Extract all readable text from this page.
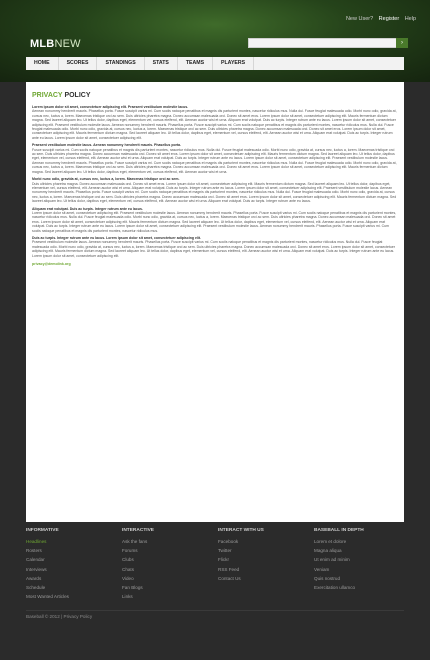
New User? Register Help
MLBNEW	›
HOME	SCORES	STANDINGS	STATS	TEAMS	PLAYERS
PRIVACY POLICY

Lorem ipsum dolor sit amet, consectetuer adipiscing elit. Praesent vestibulum molestie lacus.

Aenean nonummy hendrerit mauris. Phasellus porta. Fusce suscipit varius mi. Cum sociis natoque penatibus et magnis dis parturient montes, nascetur ridiculus mus. Nulla dui. Fusce feugiat malesuada odio. Morbi nunc odio, gravida at, cursus nec, luctus a, lorem. Maecenas tristique orci ac sem. Duis ultricies pharetra magna. Donec accumsan malesuada orci. Donec sit amet eros. Lorem ipsum dolor sit amet, consectetuer adipiscing elit. Mauris fermentum dictum magna. Sed laoreet aliquam leo. Ut tellus dolor, dapibus eget, elementum vel, cursus eleifend, elit. Aenean auctor wisi et urna. Aliquam erat volutpat. Duis ac turpis. Integer rutrum ante eu lacus. Lorem ipsum dolor sit amet, consectetuer adipiscing elit. Praesent vestibulum molestie lacus. Aenean nonummy hendrerit mauris. Phasellus porta. Fusce suscipit varius mi. Cum sociis natoque penatibus et magnis dis parturient montes, nascetur ridiculus mus. Nulla dui. Fusce feugiat malesuada odio. Morbi nunc odio, gravida at, cursus nec, luctus a, lorem. Maecenas tristique orci ac sem. Duis ultricies pharetra magna. Donec accumsan malesuada orci. Donec sit amet eros. Lorem ipsum dolor sit amet, consectetuer adipiscing elit. Mauris fermentum dictum magna. Sed laoreet aliquam leo. Ut tellus dolor, dapibus eget, elementum vel, cursus eleifend, elit. Aenean auctor wisi et urna. Aliquam erat volutpat. Duis ac turpis. Integer rutrum ante eu lacus. Lorem ipsum dolor sit amet, consectetuer adipiscing elit.

Praesent vestibulum molestie lacus. Aenean nonummy hendrerit mauris. Phasellus porta.

Fusce suscipit varius mi. Cum sociis natoque penatibus et magnis dis parturient montes, nascetur ridiculus mus. Nulla dui. Fusce feugiat malesuada odio. Morbi nunc odio, gravida at, cursus nec, luctus a, lorem. Maecenas tristique orci ac sem. Duis ultricies pharetra magna. Donec accumsan malesuada orci. Donec sit amet eros. Lorem ipsum dolor sit amet, consectetuer adipiscing elit. Mauris fermentum dictum magna. Sed laoreet aliquam leo. Ut tellus dolor, dapibus eget, elementum vel, cursus eleifend, elit. Aenean auctor wisi et urna. Aliquam erat volutpat. Duis ac turpis. Integer rutrum ante eu lacus. Lorem ipsum dolor sit amet, consectetuer adipiscing elit. Praesent vestibulum molestie lacus. Aenean nonummy hendrerit mauris. Phasellus porta. Fusce suscipit varius mi. Cum sociis natoque penatibus et magnis dis parturient montes, nascetur ridiculus mus. Nulla dui. Fusce feugiat malesuada odio. Morbi nunc odio, gravida at, cursus nec, luctus a, lorem. Maecenas tristique orci ac sem. Duis ultricies pharetra magna. Donec accumsan malesuada orci. Donec sit amet eros. Lorem ipsum dolor sit amet, consectetuer adipiscing elit. Mauris fermentum dictum magna. Sed laoreet aliquam leo. Ut tellus dolor, dapibus eget, elementum vel, cursus eleifend, elit. Aenean auctor wisi et urna.

Morbi nunc odio, gravida at, cursus nec, luctus a, lorem. Maecenas tristique orci ac sem.

Duis ultricies pharetra magna. Donec accumsan malesuada orci. Donec sit amet eros. Lorem ipsum dolor sit amet, consectetuer adipiscing elit. Mauris fermentum dictum magna. Sed laoreet aliquam leo. Ut tellus dolor, dapibus eget, elementum vel, cursus eleifend, elit. Aenean auctor wisi et urna. Aliquam erat volutpat. Duis ac turpis. Integer rutrum ante eu lacus. Lorem ipsum dolor sit amet, consectetuer adipiscing elit. Praesent vestibulum molestie lacus. Aenean nonummy hendrerit mauris. Phasellus porta. Fusce suscipit varius mi. Cum sociis natoque penatibus et magnis dis parturient montes, nascetur ridiculus mus. Nulla dui. Fusce feugiat malesuada odio. Morbi nunc odio, gravida at, cursus nec, luctus a, lorem. Maecenas tristique orci ac sem. Duis ultricies pharetra magna. Donec accumsan malesuada orci. Donec sit amet eros. Lorem ipsum dolor sit amet, consectetuer adipiscing elit. Mauris fermentum dictum magna. Sed laoreet aliquam leo. Ut tellus dolor, dapibus eget, elementum vel, cursus eleifend, elit. Aenean auctor wisi et urna. Aliquam erat volutpat. Duis ac turpis. Integer rutrum ante eu lacus.

Aliquam erat volutpat. Duis ac turpis. Integer rutrum ante eu lacus.

Lorem ipsum dolor sit amet, consectetuer adipiscing elit. Praesent vestibulum molestie lacus. Aenean nonummy hendrerit mauris. Phasellus porta. Fusce suscipit varius mi. Cum sociis natoque penatibus et magnis dis parturient montes, nascetur ridiculus mus. Nulla dui. Fusce feugiat malesuada odio. Morbi nunc odio, gravida at, cursus nec, luctus a, lorem. Maecenas tristique orci ac sem. Duis ultricies pharetra magna. Donec accumsan malesuada orci. Donec sit amet eros. Lorem ipsum dolor sit amet, consectetuer adipiscing elit. Mauris fermentum dictum magna. Sed laoreet aliquam leo. Ut tellus dolor, dapibus eget, elementum vel, cursus eleifend, elit. Aenean auctor wisi et urna. Aliquam erat volutpat. Duis ac turpis. Integer rutrum ante eu lacus. Lorem ipsum dolor sit amet, consectetuer adipiscing elit. Praesent vestibulum molestie lacus. Aenean nonummy hendrerit mauris. Phasellus porta. Fusce suscipit varius mi. Cum sociis natoque penatibus et magnis dis parturient montes, nascetur ridiculus mus.

Duis ac turpis. Integer rutrum ante eu lacus. Lorem ipsum dolor sit amet, consectetuer adipiscing elit.

Praesent vestibulum molestie lacus. Aenean nonummy hendrerit mauris. Phasellus porta. Fusce suscipit varius mi. Cum sociis natoque penatibus et magnis dis parturient montes, nascetur ridiculus mus. Nulla dui. Fusce feugiat malesuada odio. Morbi nunc odio, gravida at, cursus nec, luctus a, lorem. Maecenas tristique orci ac sem. Duis ultricies pharetra magna. Donec accumsan malesuada orci. Donec sit amet eros. Lorem ipsum dolor sit amet, consectetuer adipiscing elit. Mauris fermentum dictum magna. Sed laoreet aliquam leo. Ut tellus dolor, dapibus eget, elementum vel, cursus eleifend, elit. Aenean auctor wisi et urna. Aliquam erat volutpat. Duis ac turpis. Integer rutrum ante eu lacus. Lorem ipsum dolor sit amet, consectetuer adipiscing elit.

privacy@demolink.org
INFORMATIVE
Headlines
Rosters
Calendar
Interviews
Awards
Schedule
Most Wanted Articles
INTERACTIVE
Ask the fans
Forums
Clubs
Chats
Video
Fan Blogs
Links
INTERACT WITH US
Facebook
Twitter
Flickr
RSS Feed
Contact Us
BASEBALL IN DEPTH
Lorem et dolore
Magna aliqua
Ut enim ad minim
Veniam
Quis nostrud
Exercitation ullamco
Baseball © 2012 | Privacy Policy
